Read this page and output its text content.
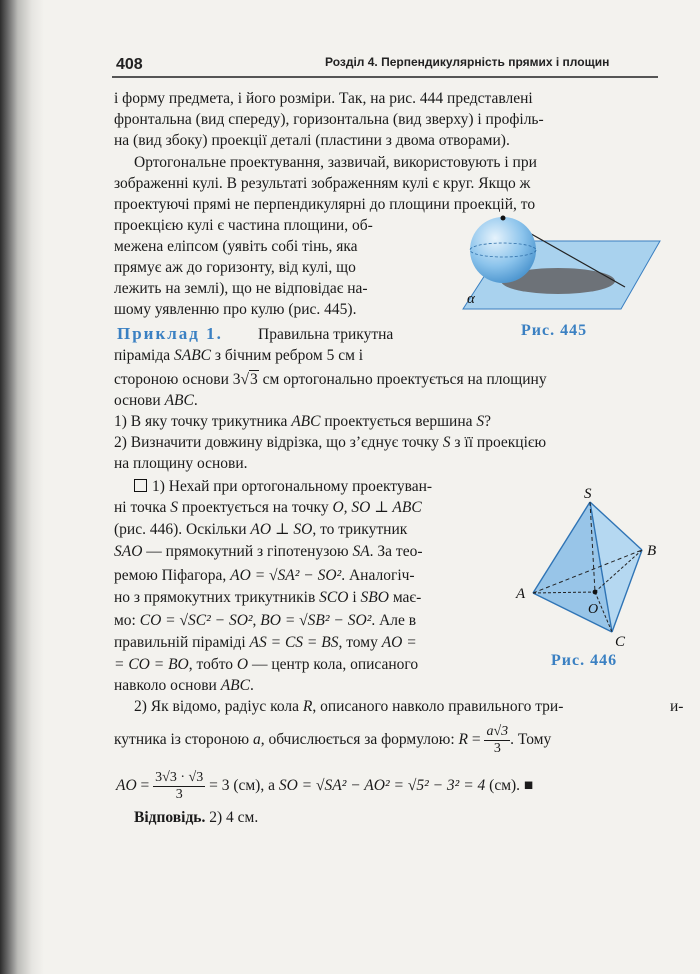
408	Розділ 4. Перпендикулярність прямих і площин
і форму предмета, і його розміри. Так, на рис. 444 представлені
фронтальна (вид спереду), горизонтальна (вид зверху) і профіль-
на (вид збоку) проекції деталі (пластини з двома отворами).
Ортогональне проектування, зазвичай, використовують і при
зображенні кулі. В результаті зображенням кулі є круг. Якщо ж
проектуючі прямі не перпендикулярні до площини проекцій, то
проекцією кулі є частина площини, об-
межена еліпсом (уявіть собі тінь, яка
прямує аж до горизонту, від кулі, що
лежить на землі), що не відповідає на-
шому уявленню про кулю (рис. 445).
α
Рис. 445
Приклад 1. Правильна трикутна
піраміда SABC з бічним ребром 5 см і
стороною основи 3√3 см ортогонально проектується на площину
основи ABC.
1) В яку точку трикутника ABC проектується вершина S?
2) Визначити довжину відрізка, що з’єднує точку S з її проекцією
на площину основи.
1) Нехай при ортогональному проектуван-
ні точка S проектується на точку O, SO ⊥ ABC
(рис. 446). Оскільки AO ⊥ SO, то трикутник
SAO — прямокутний з гіпотенузою SA. За тео-
ремою Піфагора, AO = √SA² − SO². Аналогіч-
но з прямокутних трикутників SCO і SBO має-
мо: CO = √SC² − SO², BO = √SB² − SO². Але в
правильній піраміді AS = CS = BS, тому AO =
= CO = BO, тобто O — центр кола, описаного
навколо основи ABC.
S
A
B
C
O
Рис. 446
2) Як відомо, радіус кола R, описаного навколо правильного три-	и-
кутника із стороною a, обчислюється за формулою: $R = \frac{a√3}{3}$ . Тому
AO = $\frac{3√3 \cdot √3}{3} = 3$ (см), а SO = √SA² − AO² = √5² − 3² = 4 (см). ■
Відповідь. 2) 4 см.
